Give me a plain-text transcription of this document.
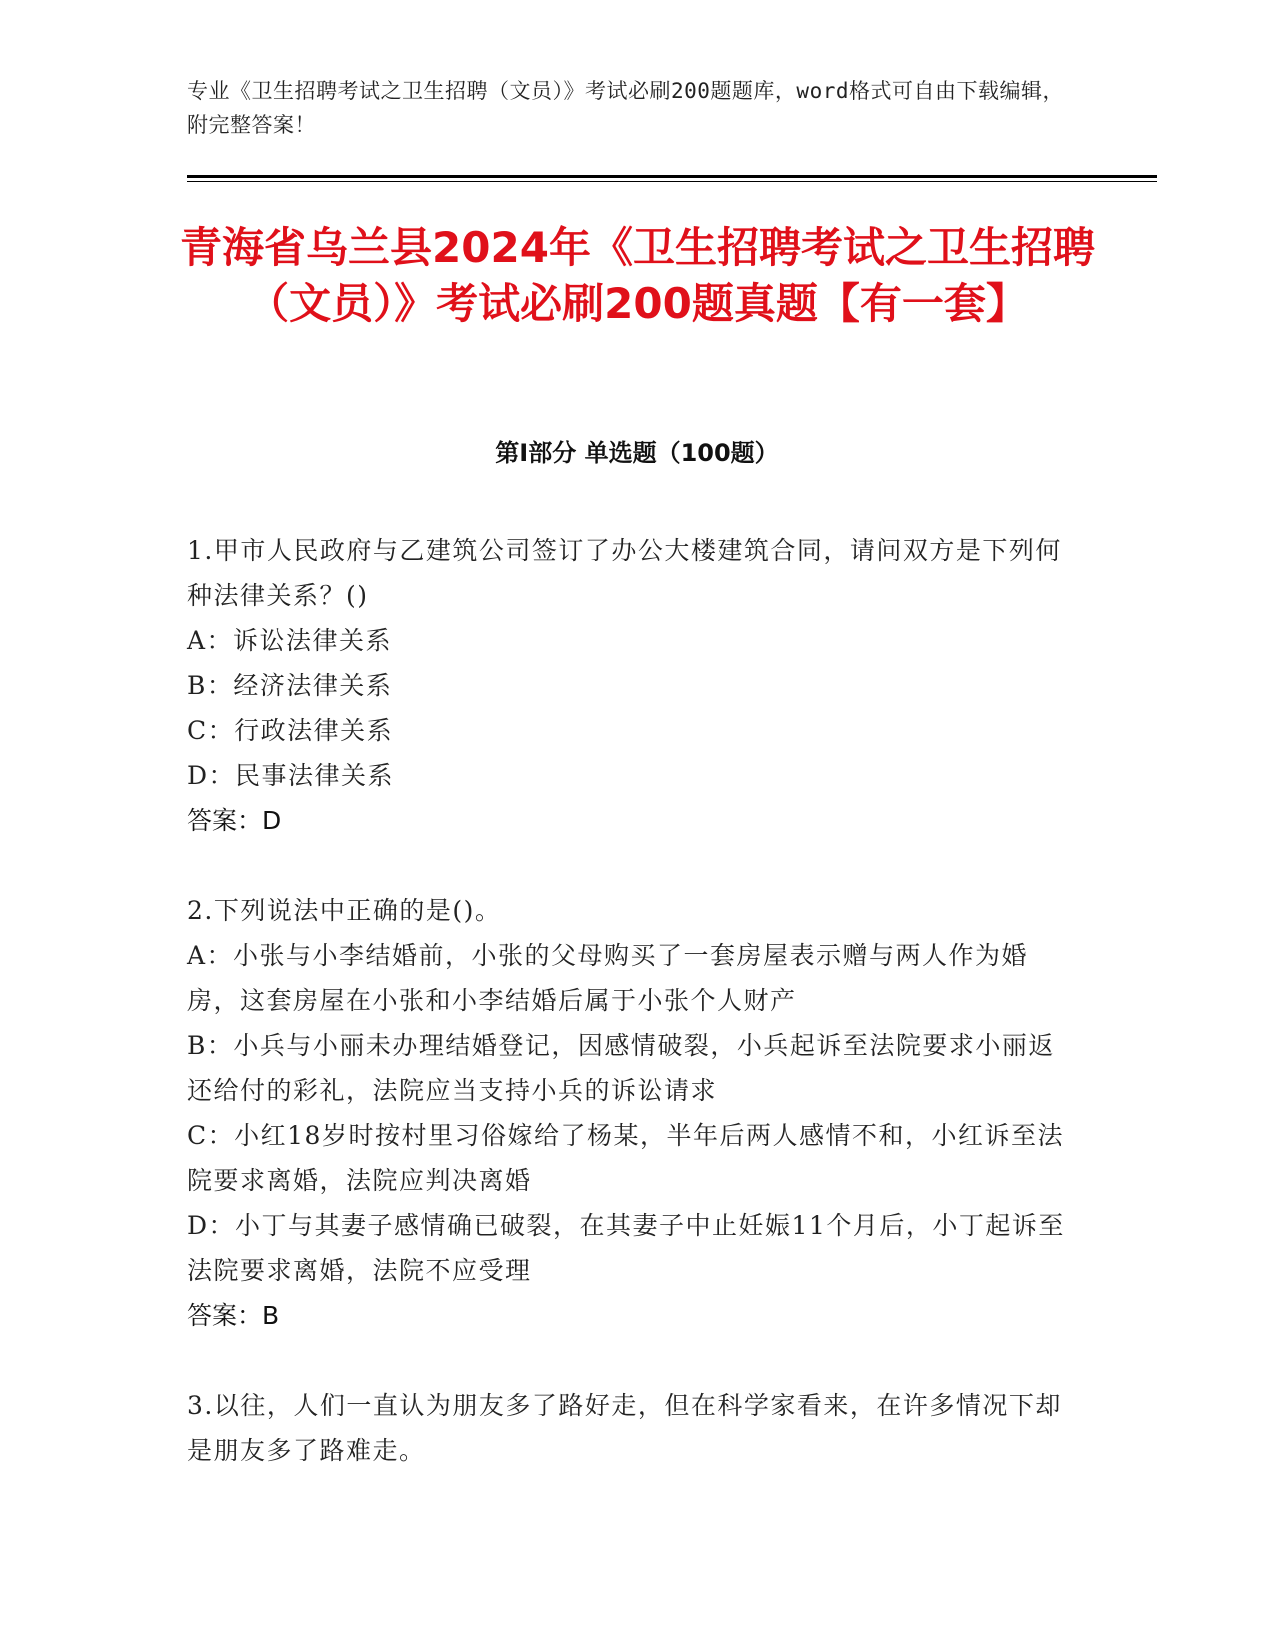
专业《卫生招聘考试之卫生招聘（文员）》考试必刷200题题库，word格式可自由下载编辑，附完整答案！
青海省乌兰县2024年《卫生招聘考试之卫生招聘（文员）》考试必刷200题真题【有一套】
第I部分 单选题（100题）
1.甲市人民政府与乙建筑公司签订了办公大楼建筑合同，请问双方是下列何种法律关系？()
A：诉讼法律关系
B：经济法律关系
C：行政法律关系
D：民事法律关系
答案：D
2.下列说法中正确的是()。
A：小张与小李结婚前，小张的父母购买了一套房屋表示赠与两人作为婚房，这套房屋在小张和小李结婚后属于小张个人财产
B：小兵与小丽未办理结婚登记，因感情破裂，小兵起诉至法院要求小丽返还给付的彩礼，法院应当支持小兵的诉讼请求
C：小红18岁时按村里习俗嫁给了杨某，半年后两人感情不和，小红诉至法院要求离婚，法院应判决离婚
D：小丁与其妻子感情确已破裂，在其妻子中止妊娠11个月后，小丁起诉至法院要求离婚，法院不应受理
答案：B
3.以往，人们一直认为朋友多了路好走，但在科学家看来，在许多情况下却是朋友多了路难走。
